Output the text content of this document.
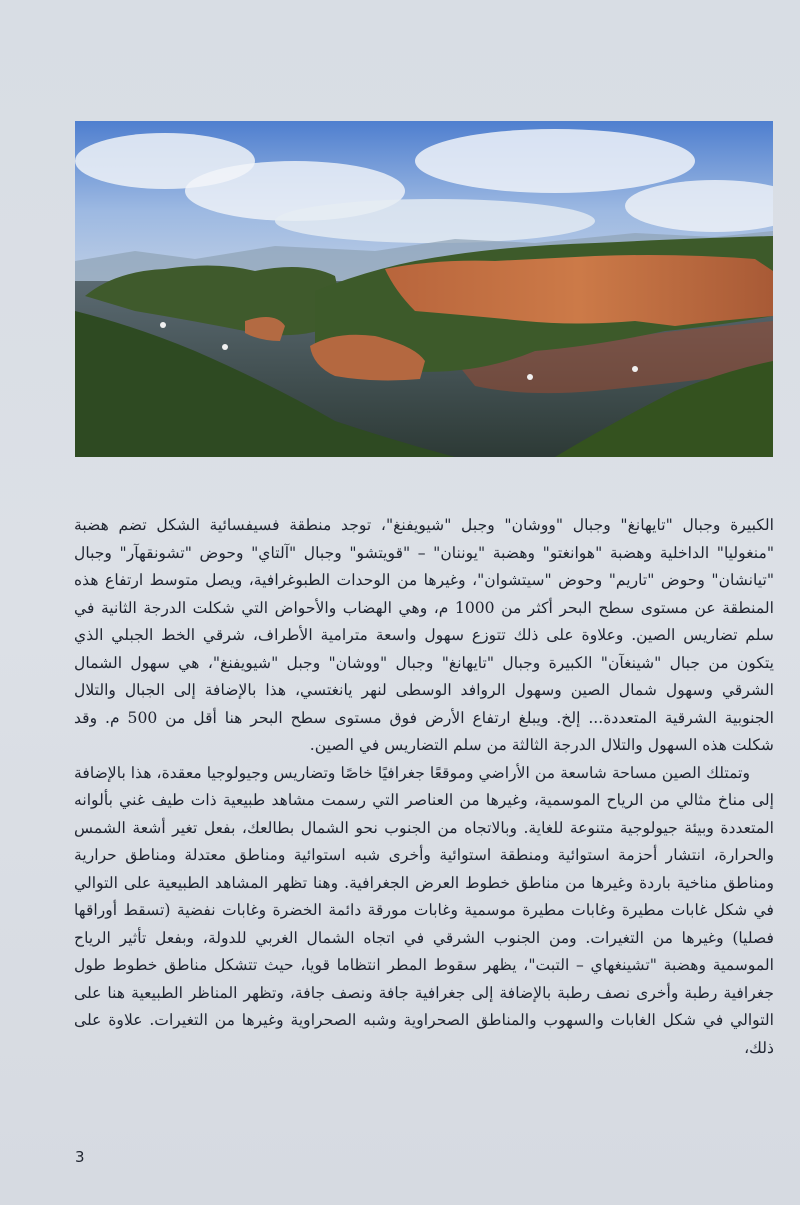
الكبيرة وجبال "تايهانغ" وجبال "ووشان" وجبل "شيويفنغ"، توجد منطقة فسيفسائية الشكل تضم هضبة "منغوليا" الداخلية وهضبة "هوانغتو" وهضبة "يوننان" – "قويتشو" وجبال "آلتاي" وحوض "تشونقهآر" وجبال "تيانشان" وحوض "تاريم" وحوض "سيتشوان"، وغيرها من الوحدات الطبوغرافية، ويصل متوسط ارتفاع هذه المنطقة عن مستوى سطح البحر أكثر من 1000 م، وهي الهضاب والأحواض التي شكلت الدرجة الثانية في سلم تضاريس الصين. وعلاوة على ذلك تتوزع سهول واسعة مترامية الأطراف، شرقي الخط الجبلي الذي يتكون من جبال "شينغآن" الكبيرة وجبال "تايهانغ" وجبال "ووشان" وجبل "شيويفنغ"، هي سهول الشمال الشرقي وسهول شمال الصين وسهول الروافد الوسطى لنهر يانغتسي، هذا بالإضافة إلى الجبال والتلال الجنوبية الشرقية المتعددة... إلخ. ويبلغ ارتفاع الأرض فوق مستوى سطح البحر هنا أقل من 500 م. وقد شكلت هذه السهول والتلال الدرجة الثالثة من سلم التضاريس في الصين.

وتمتلك الصين مساحة شاسعة من الأراضي وموقعًا جغرافيًا خاصًا وتضاريس وجيولوجيا معقدة، هذا بالإضافة إلى مناخ مثالي من الرياح الموسمية، وغيرها من العناصر التي رسمت مشاهد طبيعية ذات طيف غني بألوانه المتعددة وبيئة جيولوجية متنوعة للغاية. وبالاتجاه من الجنوب نحو الشمال بطالعك، بفعل تغير أشعة الشمس والحرارة، انتشار أحزمة استوائية ومنطقة استوائية وأخرى شبه استوائية ومناطق معتدلة ومناطق حرارية ومناطق مناخية باردة وغيرها من مناطق خطوط العرض الجغرافية. وهنا تظهر المشاهد الطبيعية على التوالي في شكل غابات مطيرة وغابات مطيرة موسمية وغابات مورقة دائمة الخضرة وغابات نفضية (تسقط أوراقها فصليا) وغيرها من التغيرات. ومن الجنوب الشرقي في اتجاه الشمال الغربي للدولة، وبفعل تأثير الرياح الموسمية وهضبة "تشينغهاي – التبت"، يظهر سقوط المطر انتظاما قويا، حيث تتشكل مناطق خطوط طول جغرافية رطبة وأخرى نصف رطبة بالإضافة إلى جغرافية جافة ونصف جافة، وتظهر المناظر الطبيعية هنا على التوالي في شكل الغابات والسهوب والمناطق الصحراوية وشبه الصحراوية وغيرها من التغيرات. علاوة على ذلك،

3
